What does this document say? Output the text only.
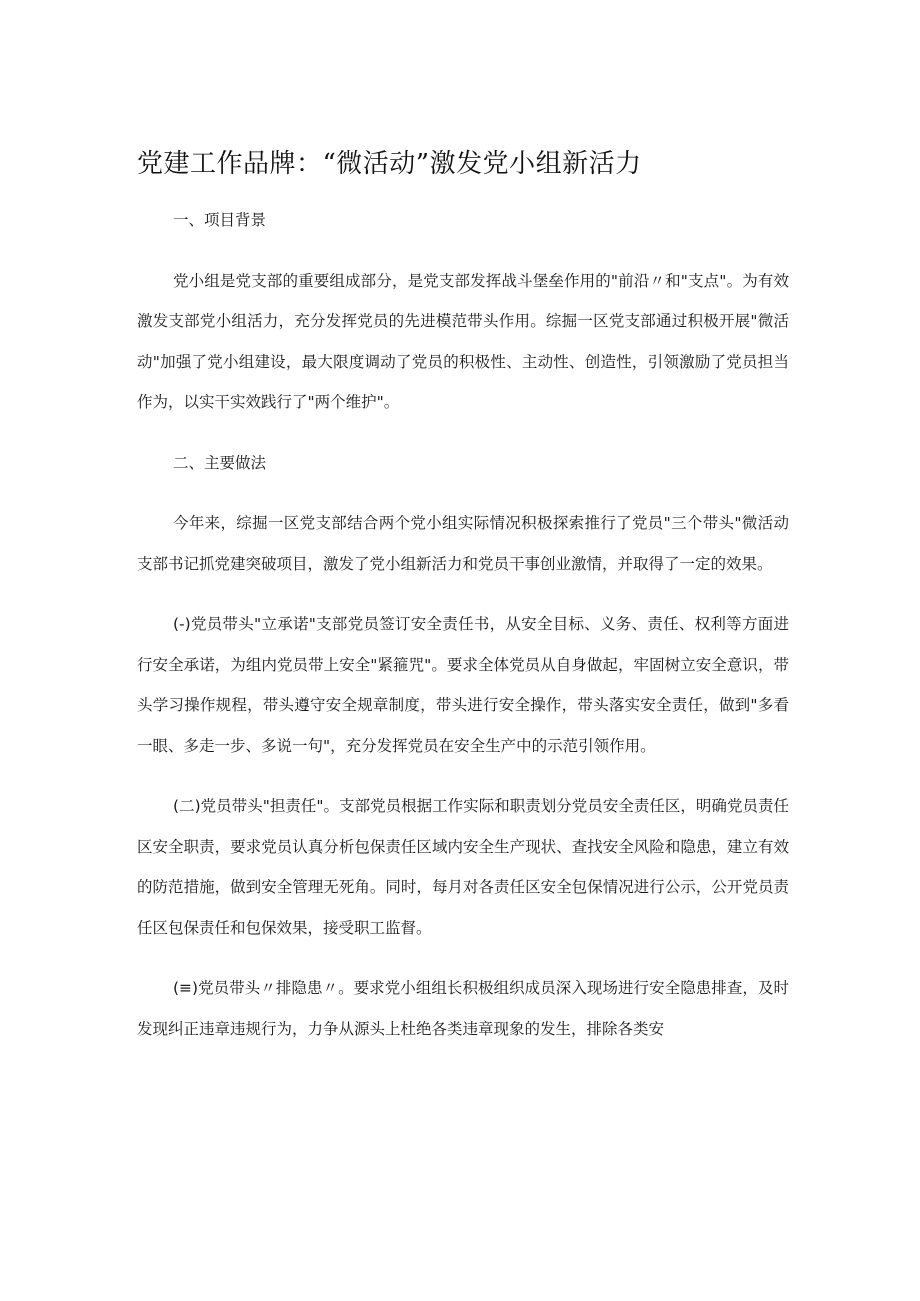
党建工作品牌：“微活动”激发党小组新活力

一、项目背景

党小组是党支部的重要组成部分，是党支部发挥战斗堡垒作用的"前沿〃和"支点"。为有效激发支部党小组活力，充分发挥党员的先进模范带头作用。综掘一区党支部通过积极开展"微活动"加强了党小组建设，最大限度调动了党员的积极性、主动性、创造性，引领激励了党员担当作为，以实干实效践行了"两个维护"。

二、主要做法

今年来，综掘一区党支部结合两个党小组实际情况积极探索推行了党员"三个带头"微活动支部书记抓党建突破项目，激发了党小组新活力和党员干事创业激情，并取得了一定的效果。

(-)党员带头"立承诺"支部党员签订安全责任书，从安全目标、义务、责任、权利等方面进行安全承诺，为组内党员带上安全"紧箍咒"。要求全体党员从自身做起，牢固树立安全意识，带头学习操作规程，带头遵守安全规章制度，带头进行安全操作，带头落实安全责任，做到"多看一眼、多走一步、多说一句"，充分发挥党员在安全生产中的示范引领作用。

(二)党员带头"担责任"。支部党员根据工作实际和职责划分党员安全责任区，明确党员责任区安全职责，要求党员认真分析包保责任区域内安全生产现状、查找安全风险和隐患，建立有效的防范措施，做到安全管理无死角。同时，每月对各责任区安全包保情况进行公示，公开党员责任区包保责任和包保效果，接受职工监督。

(≡)党员带头〃排隐患〃。要求党小组组长积极组织成员深入现场进行安全隐患排查，及时发现纠正违章违规行为，力争从源头上杜绝各类违章现象的发生，排除各类安
